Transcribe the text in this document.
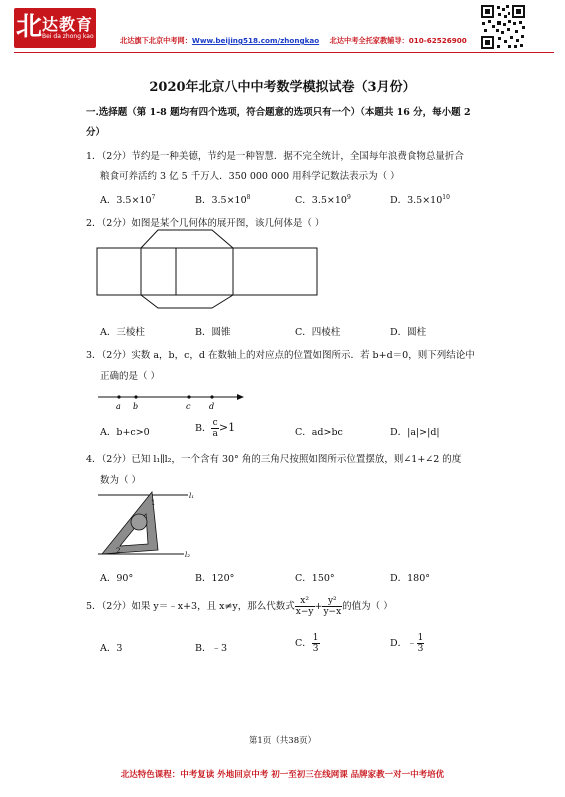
北 达教育
Bei da zhong kao	北达旗下北京中考网：Www.beijing518.com/zhongkao 北达中考全托家教辅导：010-62526900
2020年北京八中中考数学模拟试卷（3月份）
一.选择题（第 1-8 题均有四个选项，符合题意的选项只有一个）（本题共 16 分，每小题 2
分）
1．（2分）节约是一种美德，节约是一种智慧．据不完全统计，全国每年浪费食物总量折合
粮食可养活约 3 亿 5 千万人．350 000 000 用科学记数法表示为（ ）
A．$3.5\times 10^7$	B．$3.5\times 10^8$	C．$3.5\times 10^9$	D．$3.5\times 10^{10}$
2．（2分）如图是某个几何体的展开图，该几何体是（ ）
A．三棱柱	B．圆锥	C．四棱柱	D．圆柱
3．（2分）实数 a，b，c，d 在数轴上的对应点的位置如图所示．若 b+d＝0，则下列结论中
正确的是（ ）
a b	c d
A．b+c>0	B． $\frac{c}{a} >1$	C．ad>bc	D．|a|>|d|
4．（2分）已知 l₁∥l₂，一个含有 30° 角的三角尺按照如图所示位置摆放，则∠1+∠2 的度
数为（ ）
1
2
l₁
l₂
A．90°	B．120°	C．150°	D．180°
5．（2分）如果 y＝﹣x+3，且 x≠y，那么代数式 $\frac{\text{x²}}{x-y} + \frac{\text{y²}}{y-x}$ 的值为（ ）
A．3	B．﹣3	C． $\frac{1}{3}$	D．﹣ $\frac{1}{3}$
第1页（共38页）
北达特色课程：中考复读 外地回京中考 初一至初三在线网课 品牌家教一对一中考培优
